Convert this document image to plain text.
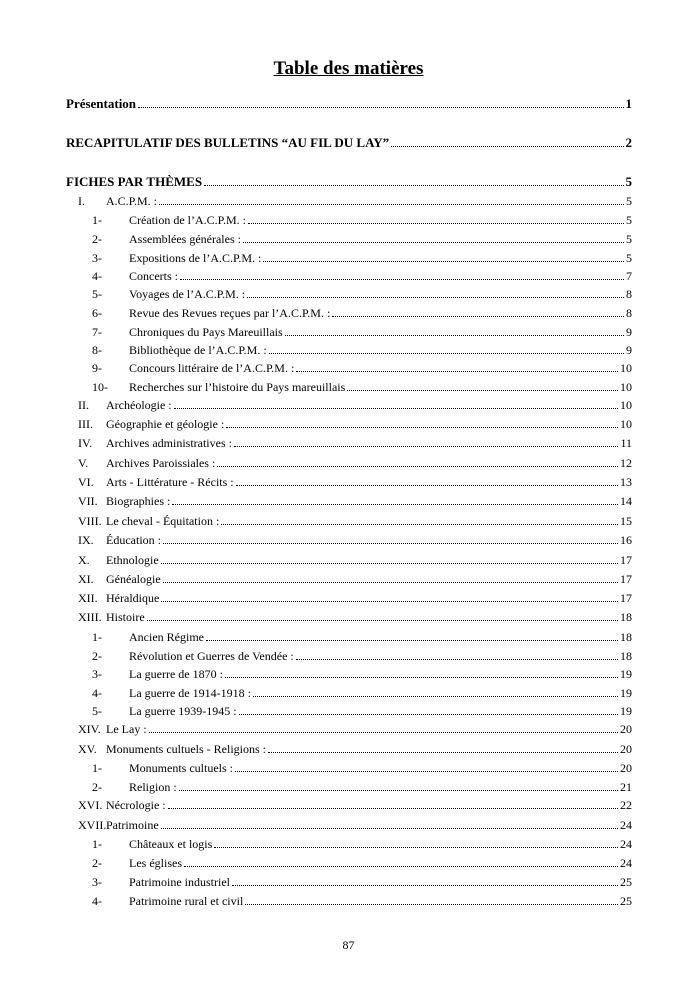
Table des matières
Présentation	1
RECAPITULATIF DES BULLETINS “AU FIL DU LAY”	2
FICHES PAR THÈMES	5
I. A.C.P.M. :	5
1- Création de l’A.C.P.M. :	5
2- Assemblées générales :	5
3- Expositions de l’A.C.P.M. :	5
4- Concerts :	7
5- Voyages de l’A.C.P.M. :	8
6- Revue des Revues reçues par l’A.C.P.M. :	8
7- Chroniques du Pays Mareuillais	9
8- Bibliothèque de l’A.C.P.M. :	9
9- Concours littéraire de l’A.C.P.M. :	10
10- Recherches sur l’histoire du Pays mareuillais	10
II. Archéologie :	10
III. Géographie et géologie :	10
IV. Archives administratives :	11
V. Archives Paroissiales :	12
VI. Arts - Littérature - Récits :	13
VII. Biographies :	14
VIII. Le cheval - Équitation :	15
IX. Éducation :	16
X. Ethnologie	17
XI. Généalogie	17
XII. Héraldique	17
XIII. Histoire	18
1- Ancien Régime	18
2- Révolution et Guerres de Vendée :	18
3- La guerre de 1870 :	19
4- La guerre de 1914-1918 :	19
5- La guerre 1939-1945 :	19
XIV. Le Lay :	20
XV. Monuments cultuels - Religions :	20
1- Monuments cultuels :	20
2- Religion :	21
XVI. Nécrologie :	22
XVII. Patrimoine	24
1- Châteaux et logis	24
2- Les églises	24
3- Patrimoine industriel	25
4- Patrimoine rural et civil	25
87
